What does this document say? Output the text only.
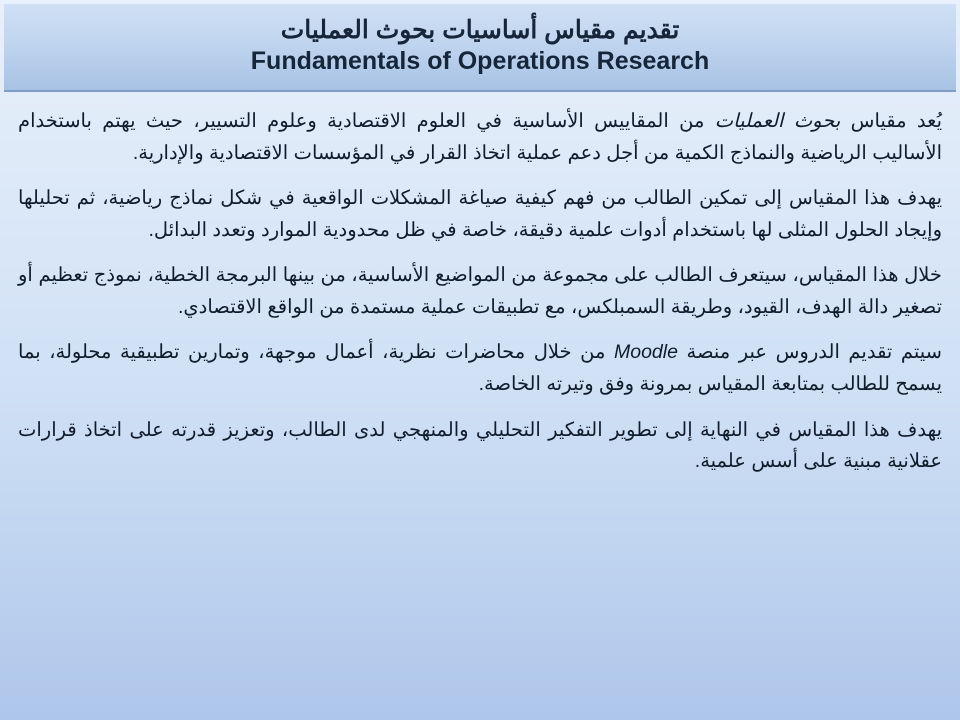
تقديم مقياس أساسيات بحوث العمليات
Fundamentals of Operations Research

يُعد مقياس بحوث العمليات من المقاييس الأساسية في العلوم الاقتصادية وعلوم التسيير، حيث يهتم باستخدام الأساليب الرياضية والنماذج الكمية من أجل دعم عملية اتخاذ القرار في المؤسسات الاقتصادية والإدارية.

يهدف هذا المقياس إلى تمكين الطالب من فهم كيفية صياغة المشكلات الواقعية في شكل نماذج رياضية، ثم تحليلها وإيجاد الحلول المثلى لها باستخدام أدوات علمية دقيقة، خاصة في ظل محدودية الموارد وتعدد البدائل.

خلال هذا المقياس، سيتعرف الطالب على مجموعة من المواضيع الأساسية، من بينها البرمجة الخطية، نموذج تعظيم أو تصغير دالة الهدف، القيود، وطريقة السمبلكس، مع تطبيقات عملية مستمدة من الواقع الاقتصادي.

سيتم تقديم الدروس عبر منصة Moodle من خلال محاضرات نظرية، أعمال موجهة، وتمارين تطبيقية محلولة، بما يسمح للطالب بمتابعة المقياس بمرونة وفق وتيرته الخاصة.

يهدف هذا المقياس في النهاية إلى تطوير التفكير التحليلي والمنهجي لدى الطالب، وتعزيز قدرته على اتخاذ قرارات عقلانية مبنية على أسس علمية.
